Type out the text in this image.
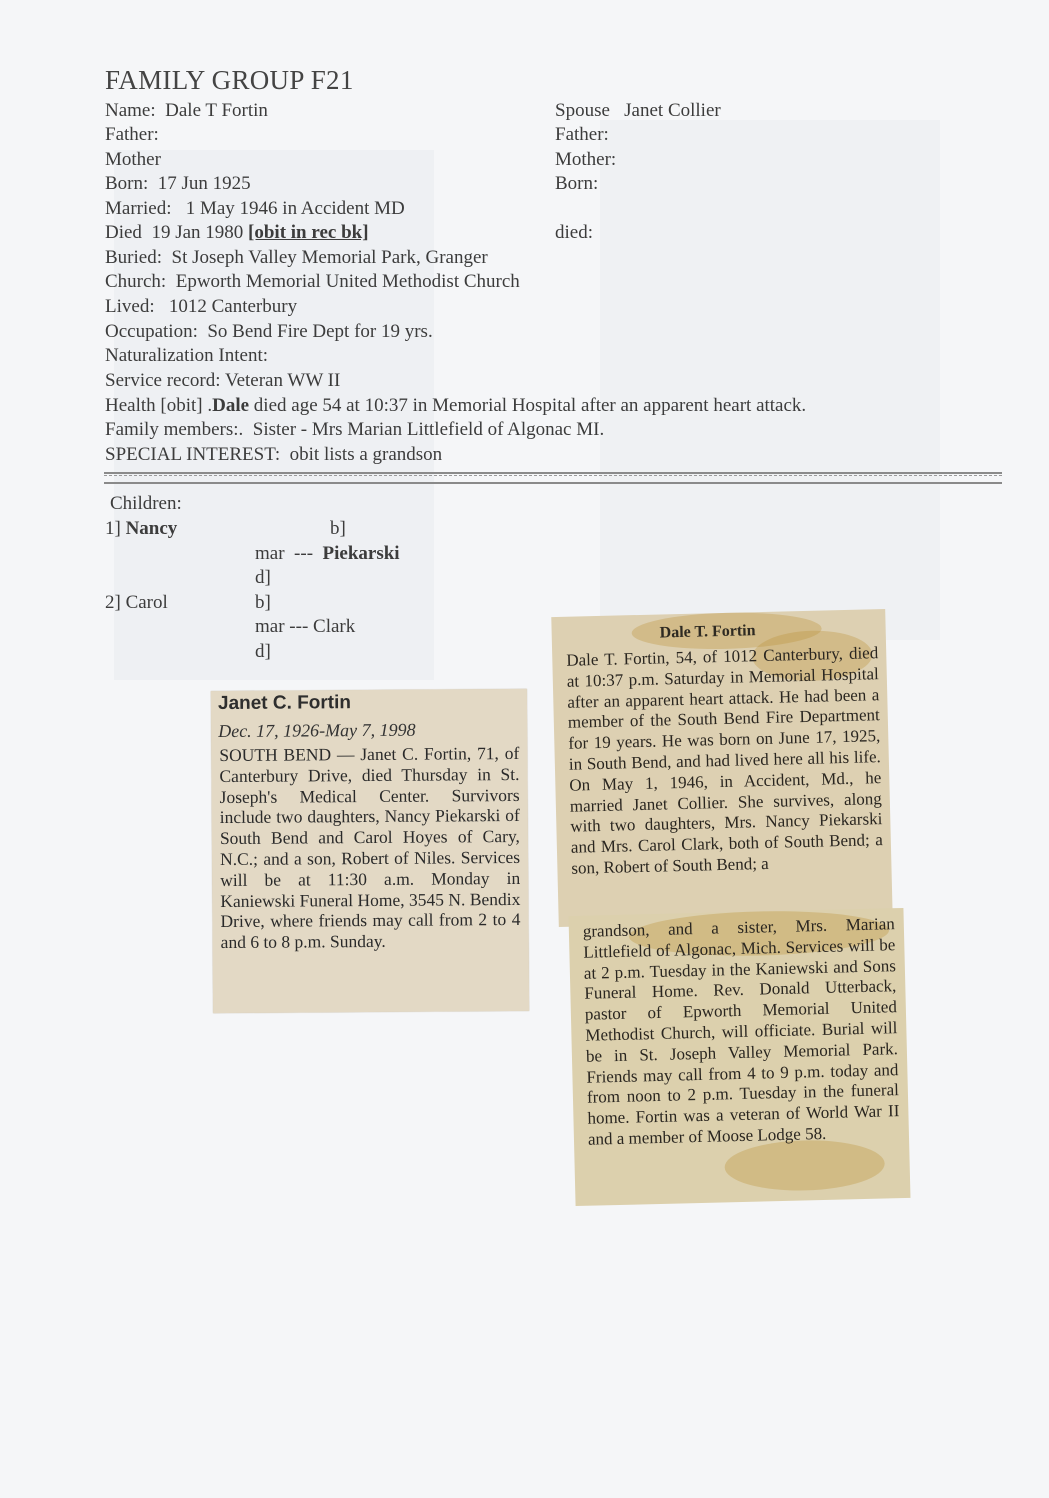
FAMILY GROUP F21
Name: Dale T Fortin
Father:
Mother
Born: 17 Jun 1925
Married: 1 May 1946 in Accident MD
Died 19 Jan 1980 [obit in rec bk]
Buried: St Joseph Valley Memorial Park, Granger
Church: Epworth Memorial United Methodist Church
Lived: 1012 Canterbury
Occupation: So Bend Fire Dept for 19 yrs.
Naturalization Intent:
Service record: Veteran WW II
Health [obit] .Dale died age 54 at 10:37 in Memorial Hospital after an apparent heart attack.
Family members:. Sister - Mrs Marian Littlefield of Algonac MI.
SPECIAL INTEREST: obit lists a grandson
Spouse Janet Collier
Father:
Mother:
Born:
died:
Children:
1] Nancy	b]
mar --- Piekarski
d]
2] Carol	b]
mar --- Clark
d]
Janet C. Fortin
Dec. 17, 1926-May 7, 1998
SOUTH BEND — Janet C. Fortin, 71, of Canterbury Drive, died Thursday in St. Joseph's Medical Center. Survivors include two daughters, Nancy Piekarski of South Bend and Carol Hoyes of Cary, N.C.; and a son, Robert of Niles. Services will be at 11:30 a.m. Monday in Kaniewski Funeral Home, 3545 N. Bendix Drive, where friends may call from 2 to 4 and 6 to 8 p.m. Sunday.
Dale T. Fortin
Dale T. Fortin, 54, of 1012 Canterbury, died at 10:37 p.m. Saturday in Memorial Hospital after an apparent heart attack. He had been a member of the South Bend Fire Department for 19 years. He was born on June 17, 1925, in South Bend, and had lived here all his life. On May 1, 1946, in Accident, Md., he married Janet Collier. She survives, along with two daughters, Mrs. Nancy Piekarski and Mrs. Carol Clark, both of South Bend; a son, Robert of South Bend; a
grandson, and a sister, Mrs. Marian Littlefield of Algonac, Mich. Services will be at 2 p.m. Tuesday in the Kaniewski and Sons Funeral Home. Rev. Donald Utterback, pastor of Epworth Memorial United Methodist Church, will officiate. Burial will be in St. Joseph Valley Memorial Park. Friends may call from 4 to 9 p.m. today and from noon to 2 p.m. Tuesday in the funeral home. Fortin was a veteran of World War II and a member of Moose Lodge 58.
